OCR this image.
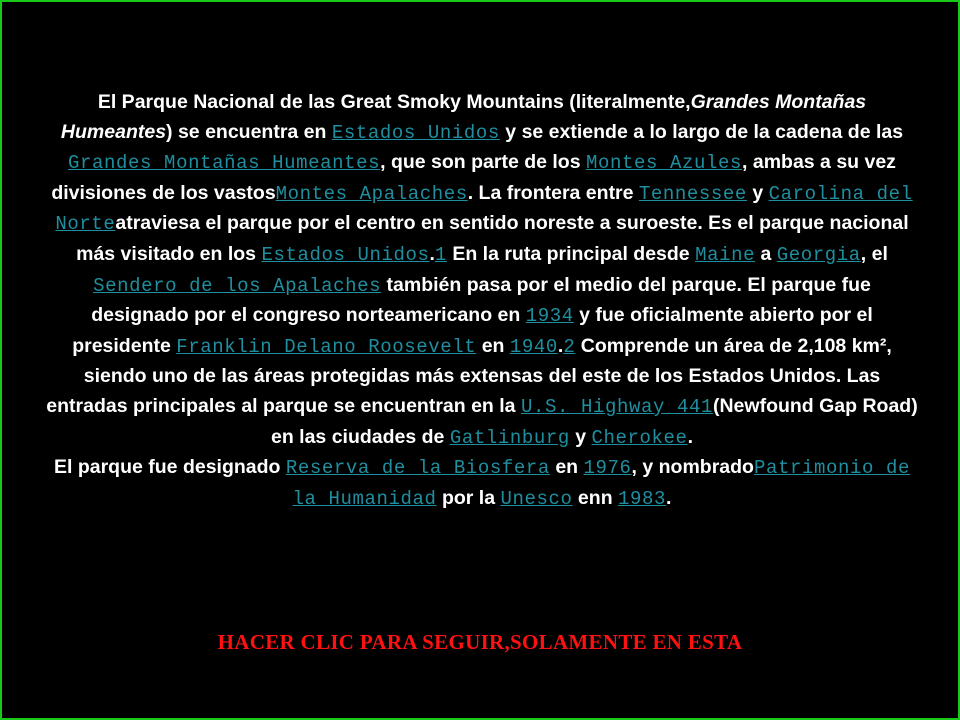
El Parque Nacional de las Great Smoky Mountains (literalmente,Grandes Montañas Humeantes) se encuentra en Estados Unidos y se extiende a lo largo de la cadena de las Grandes Montañas Humeantes, que son parte de los Montes Azules, ambas a su vez divisiones de los vastosMontes Apalaches. La frontera entre Tennessee y Carolina del Norteatraviesa el parque por el centro en sentido noreste a suroeste. Es el parque nacional más visitado en los Estados Unidos.1 En la ruta principal desde Maine a Georgia, el Sendero de los Apalaches también pasa por el medio del parque. El parque fue designado por el congreso norteamericano en 1934 y fue oficialmente abierto por el presidente Franklin Delano Roosevelt en 1940.2 Comprende un área de 2,108 km², siendo uno de las áreas protegidas más extensas del este de los Estados Unidos. Las entradas principales al parque se encuentran en la U.S. Highway 441(Newfound Gap Road) en las ciudades de Gatlinburg y Cherokee.
El parque fue designado Reserva de la Biosfera en 1976, y nombradoPatrimonio de la Humanidad por la Unesco enn 1983.
HACER CLIC PARA SEGUIR,SOLAMENTE EN ESTA
